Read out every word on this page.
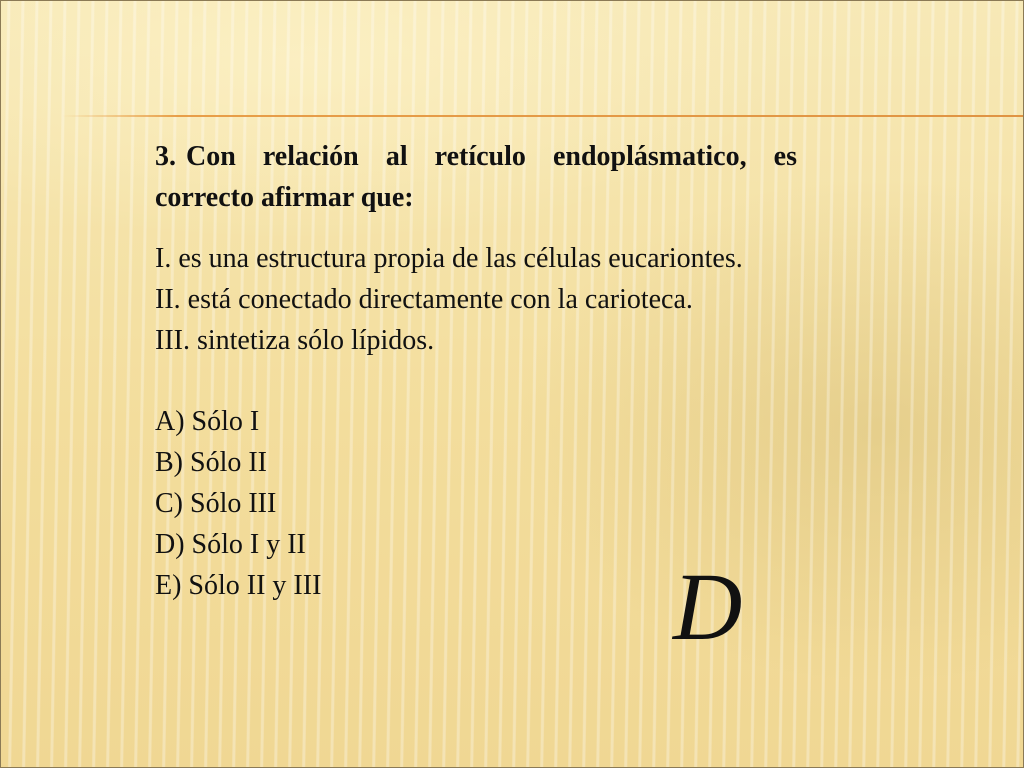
3. Con relación al retículo endoplásmatico, es correcto afirmar que:

I. es una estructura propia de las células eucariontes.

II. está conectado directamente con la carioteca.

III. sintetiza sólo lípidos.

A) Sólo I

B) Sólo II

C) Sólo III

D) Sólo I y II

E) Sólo II y III	D
